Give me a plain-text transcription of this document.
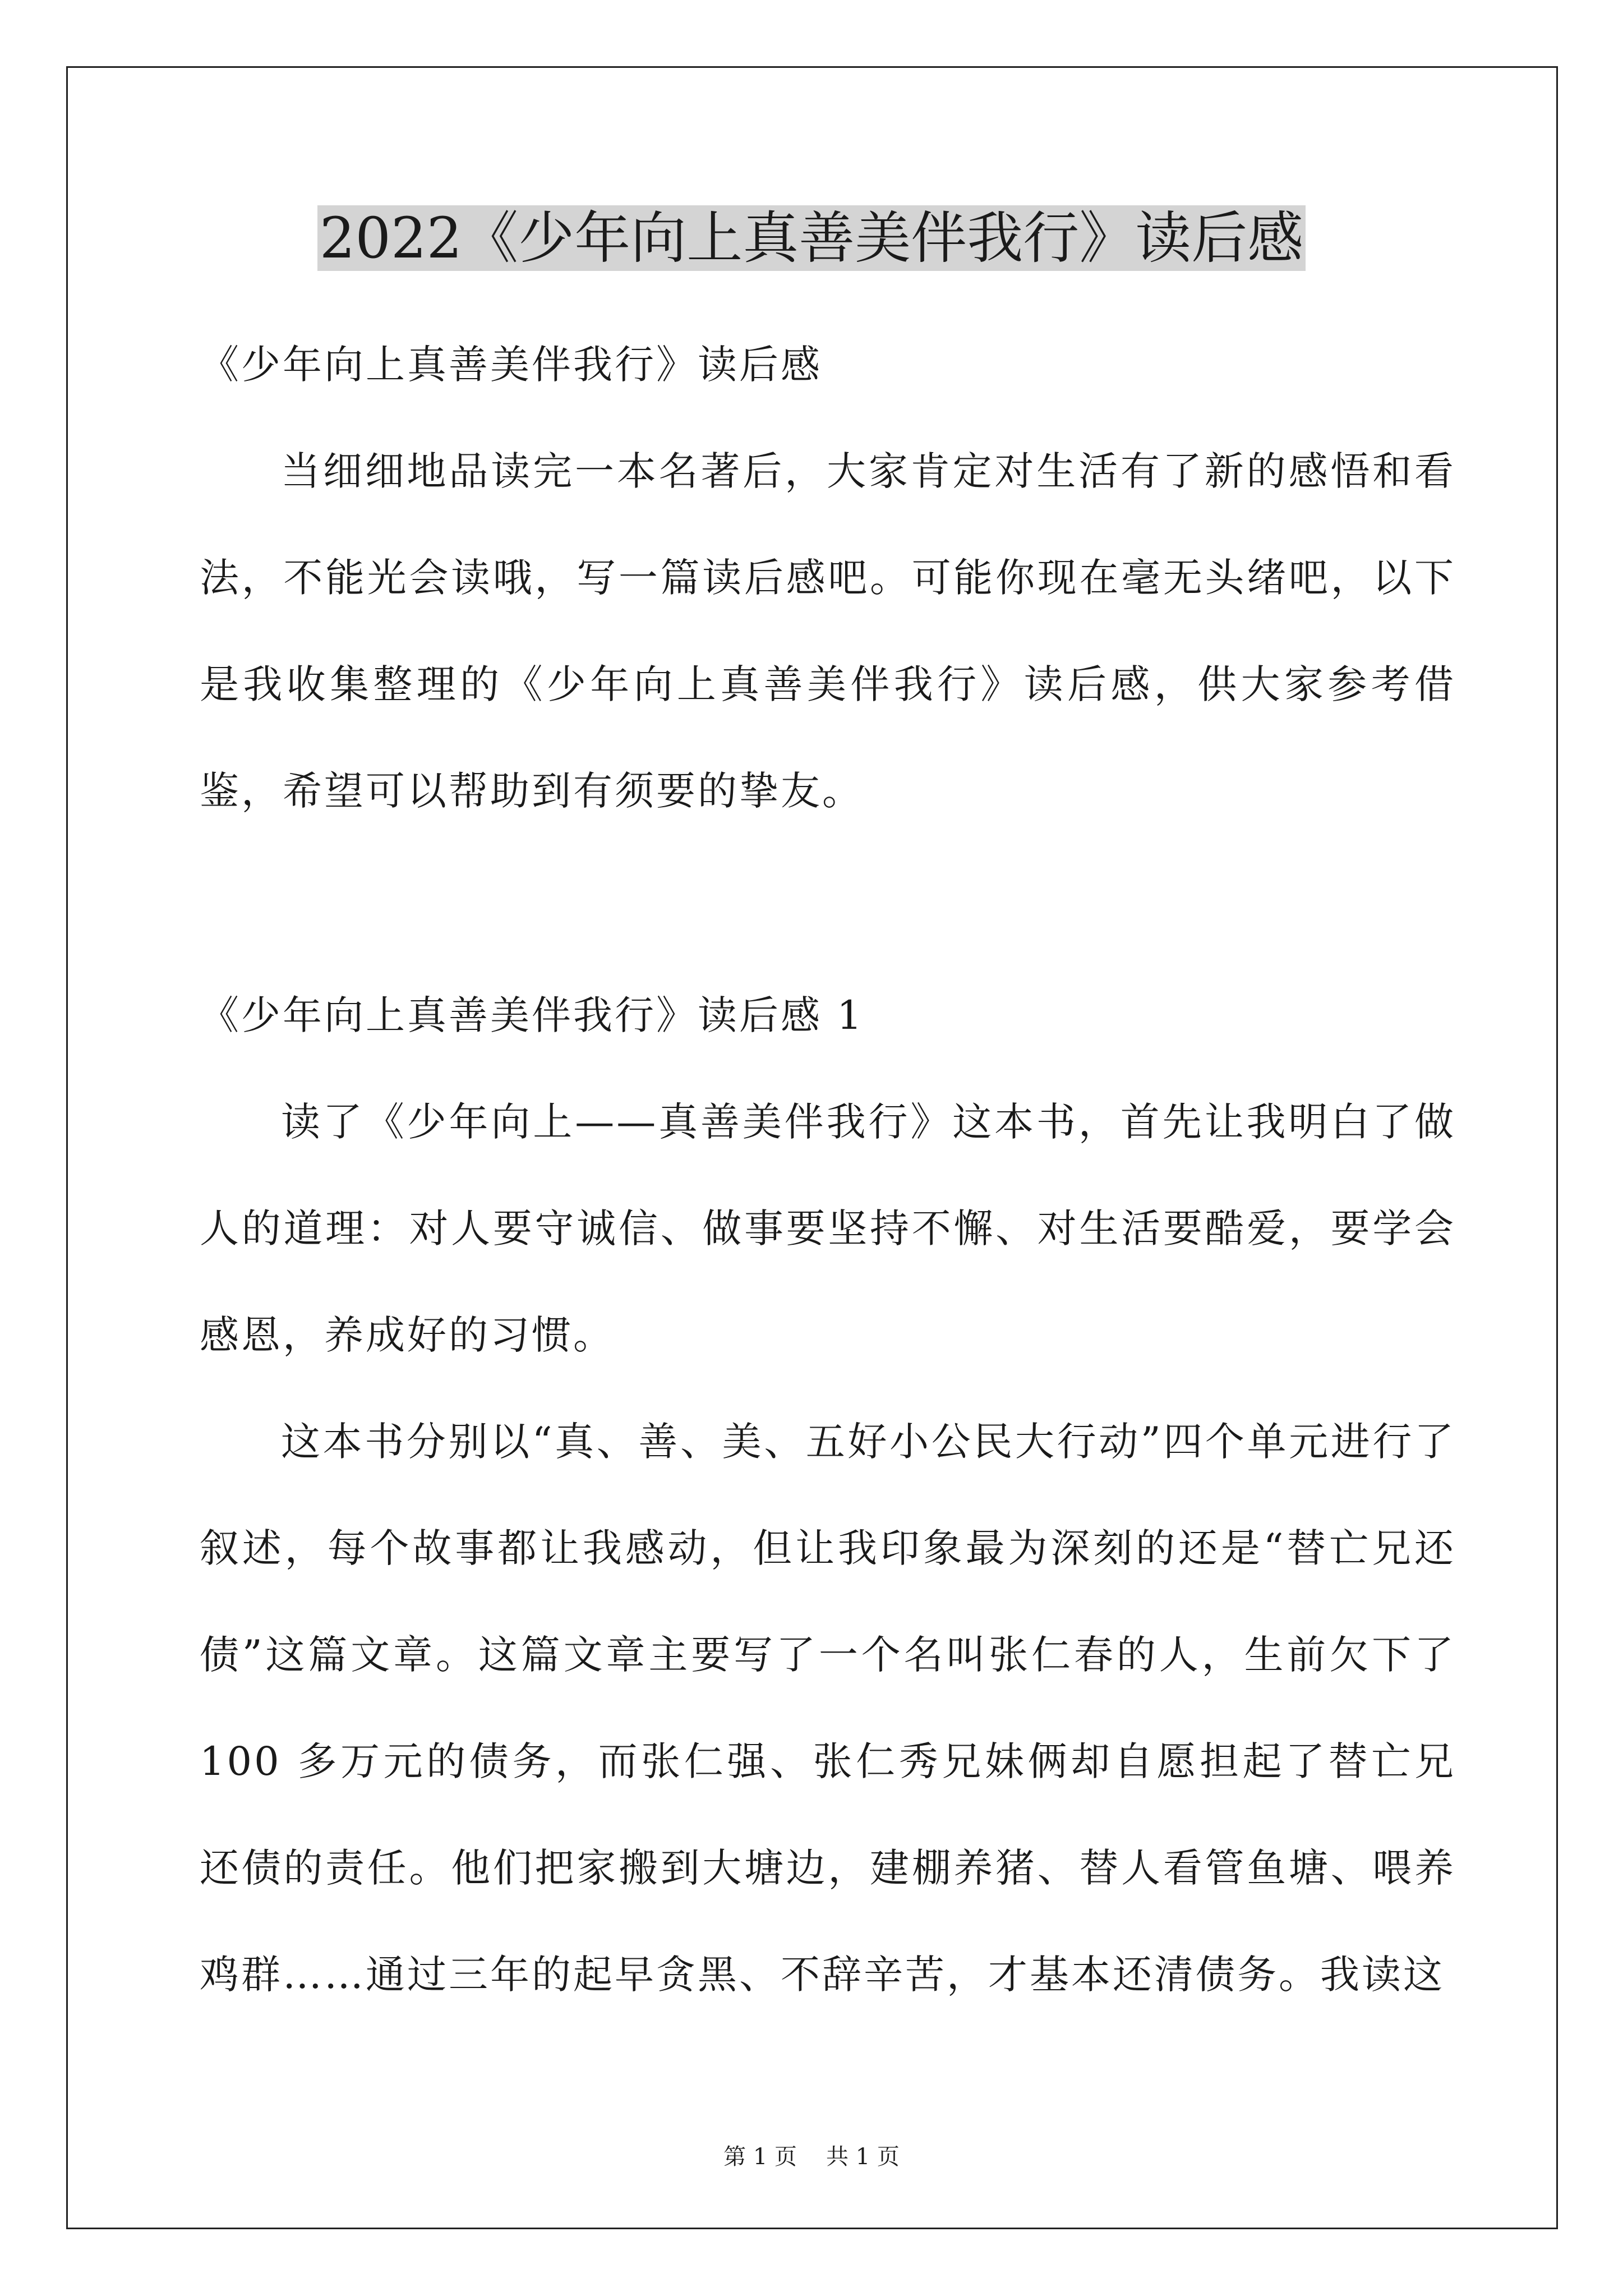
2022《少年向上真善美伴我行》读后感
《少年向上真善美伴我行》读后感
当细细地品读完一本名著后，大家肯定对生活有了新的感悟和看法，不能光会读哦，写一篇读后感吧。可能你现在毫无头绪吧，以下是我收集整理的《少年向上真善美伴我行》读后感，供大家参考借鉴，希望可以帮助到有须要的挚友。
《少年向上真善美伴我行》读后感 1
读了《少年向上——真善美伴我行》这本书，首先让我明白了做人的道理：对人要守诚信、做事要坚持不懈、对生活要酷爱，要学会感恩，养成好的习惯。
这本书分别以“真、善、美、五好小公民大行动”四个单元进行了叙述，每个故事都让我感动，但让我印象最为深刻的还是“替亡兄还债”这篇文章。这篇文章主要写了一个名叫张仁春的人，生前欠下了 100 多万元的债务，而张仁强、张仁秀兄妹俩却自愿担起了替亡兄还债的责任。他们把家搬到大塘边，建棚养猪、替人看管鱼塘、喂养鸡群……通过三年的起早贪黑、不辞辛苦，才基本还清债务。我读这
第 1 页 共 1 页
